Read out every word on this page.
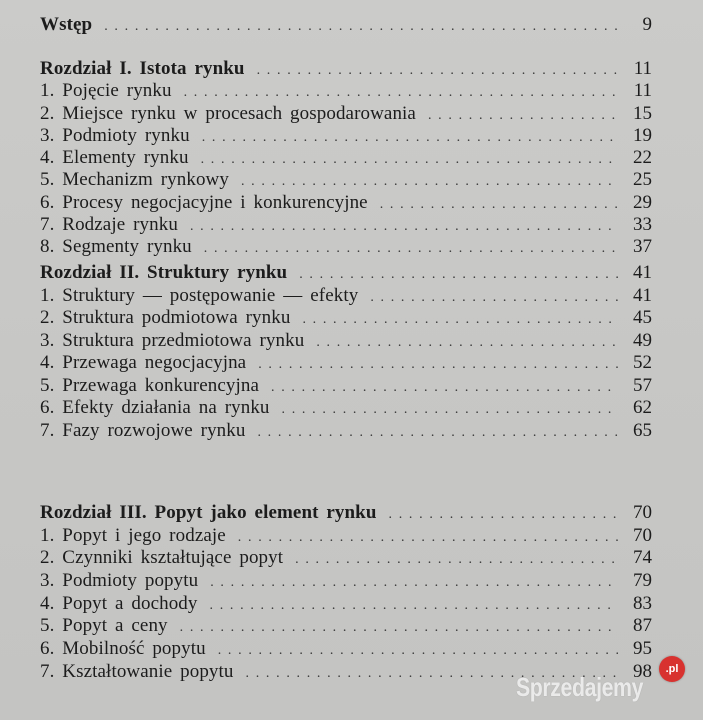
Wstęp . . .	9
Rozdział I. Istota rynku . . .	11
1. Pojęcie rynku . . .	11
2. Miejsce rynku w procesach gospodarowania . . .	15
3. Podmioty rynku . . .	19
4. Elementy rynku . . .	22
5. Mechanizm rynkowy . . .	25
6. Procesy negocjacyjne i konkurencyjne . . .	29
7. Rodzaje rynku . . .	33
8. Segmenty rynku . . .	37
Rozdział II. Struktury rynku . . .	41
1. Struktury — postępowanie — efekty . . .	41
2. Struktura podmiotowa rynku . . .	45
3. Struktura przedmiotowa rynku . . .	49
4. Przewaga negocjacyjna . . .	52
5. Przewaga konkurencyjna . . .	57
6. Efekty działania na rynku . . .	62
7. Fazy rozwojowe rynku . . .	65
Rozdział III. Popyt jako element rynku . . .	70
1. Popyt i jego rodzaje . . .	70
2. Czynniki kształtujące popyt . . .	74
3. Podmioty popytu . . .	79
4. Popyt a dochody . . .	83
5. Popyt a ceny . . .	87
6. Mobilność popytu . . .	95
7. Kształtowanie popytu . . .	98
Sprzedajemy
.pl
